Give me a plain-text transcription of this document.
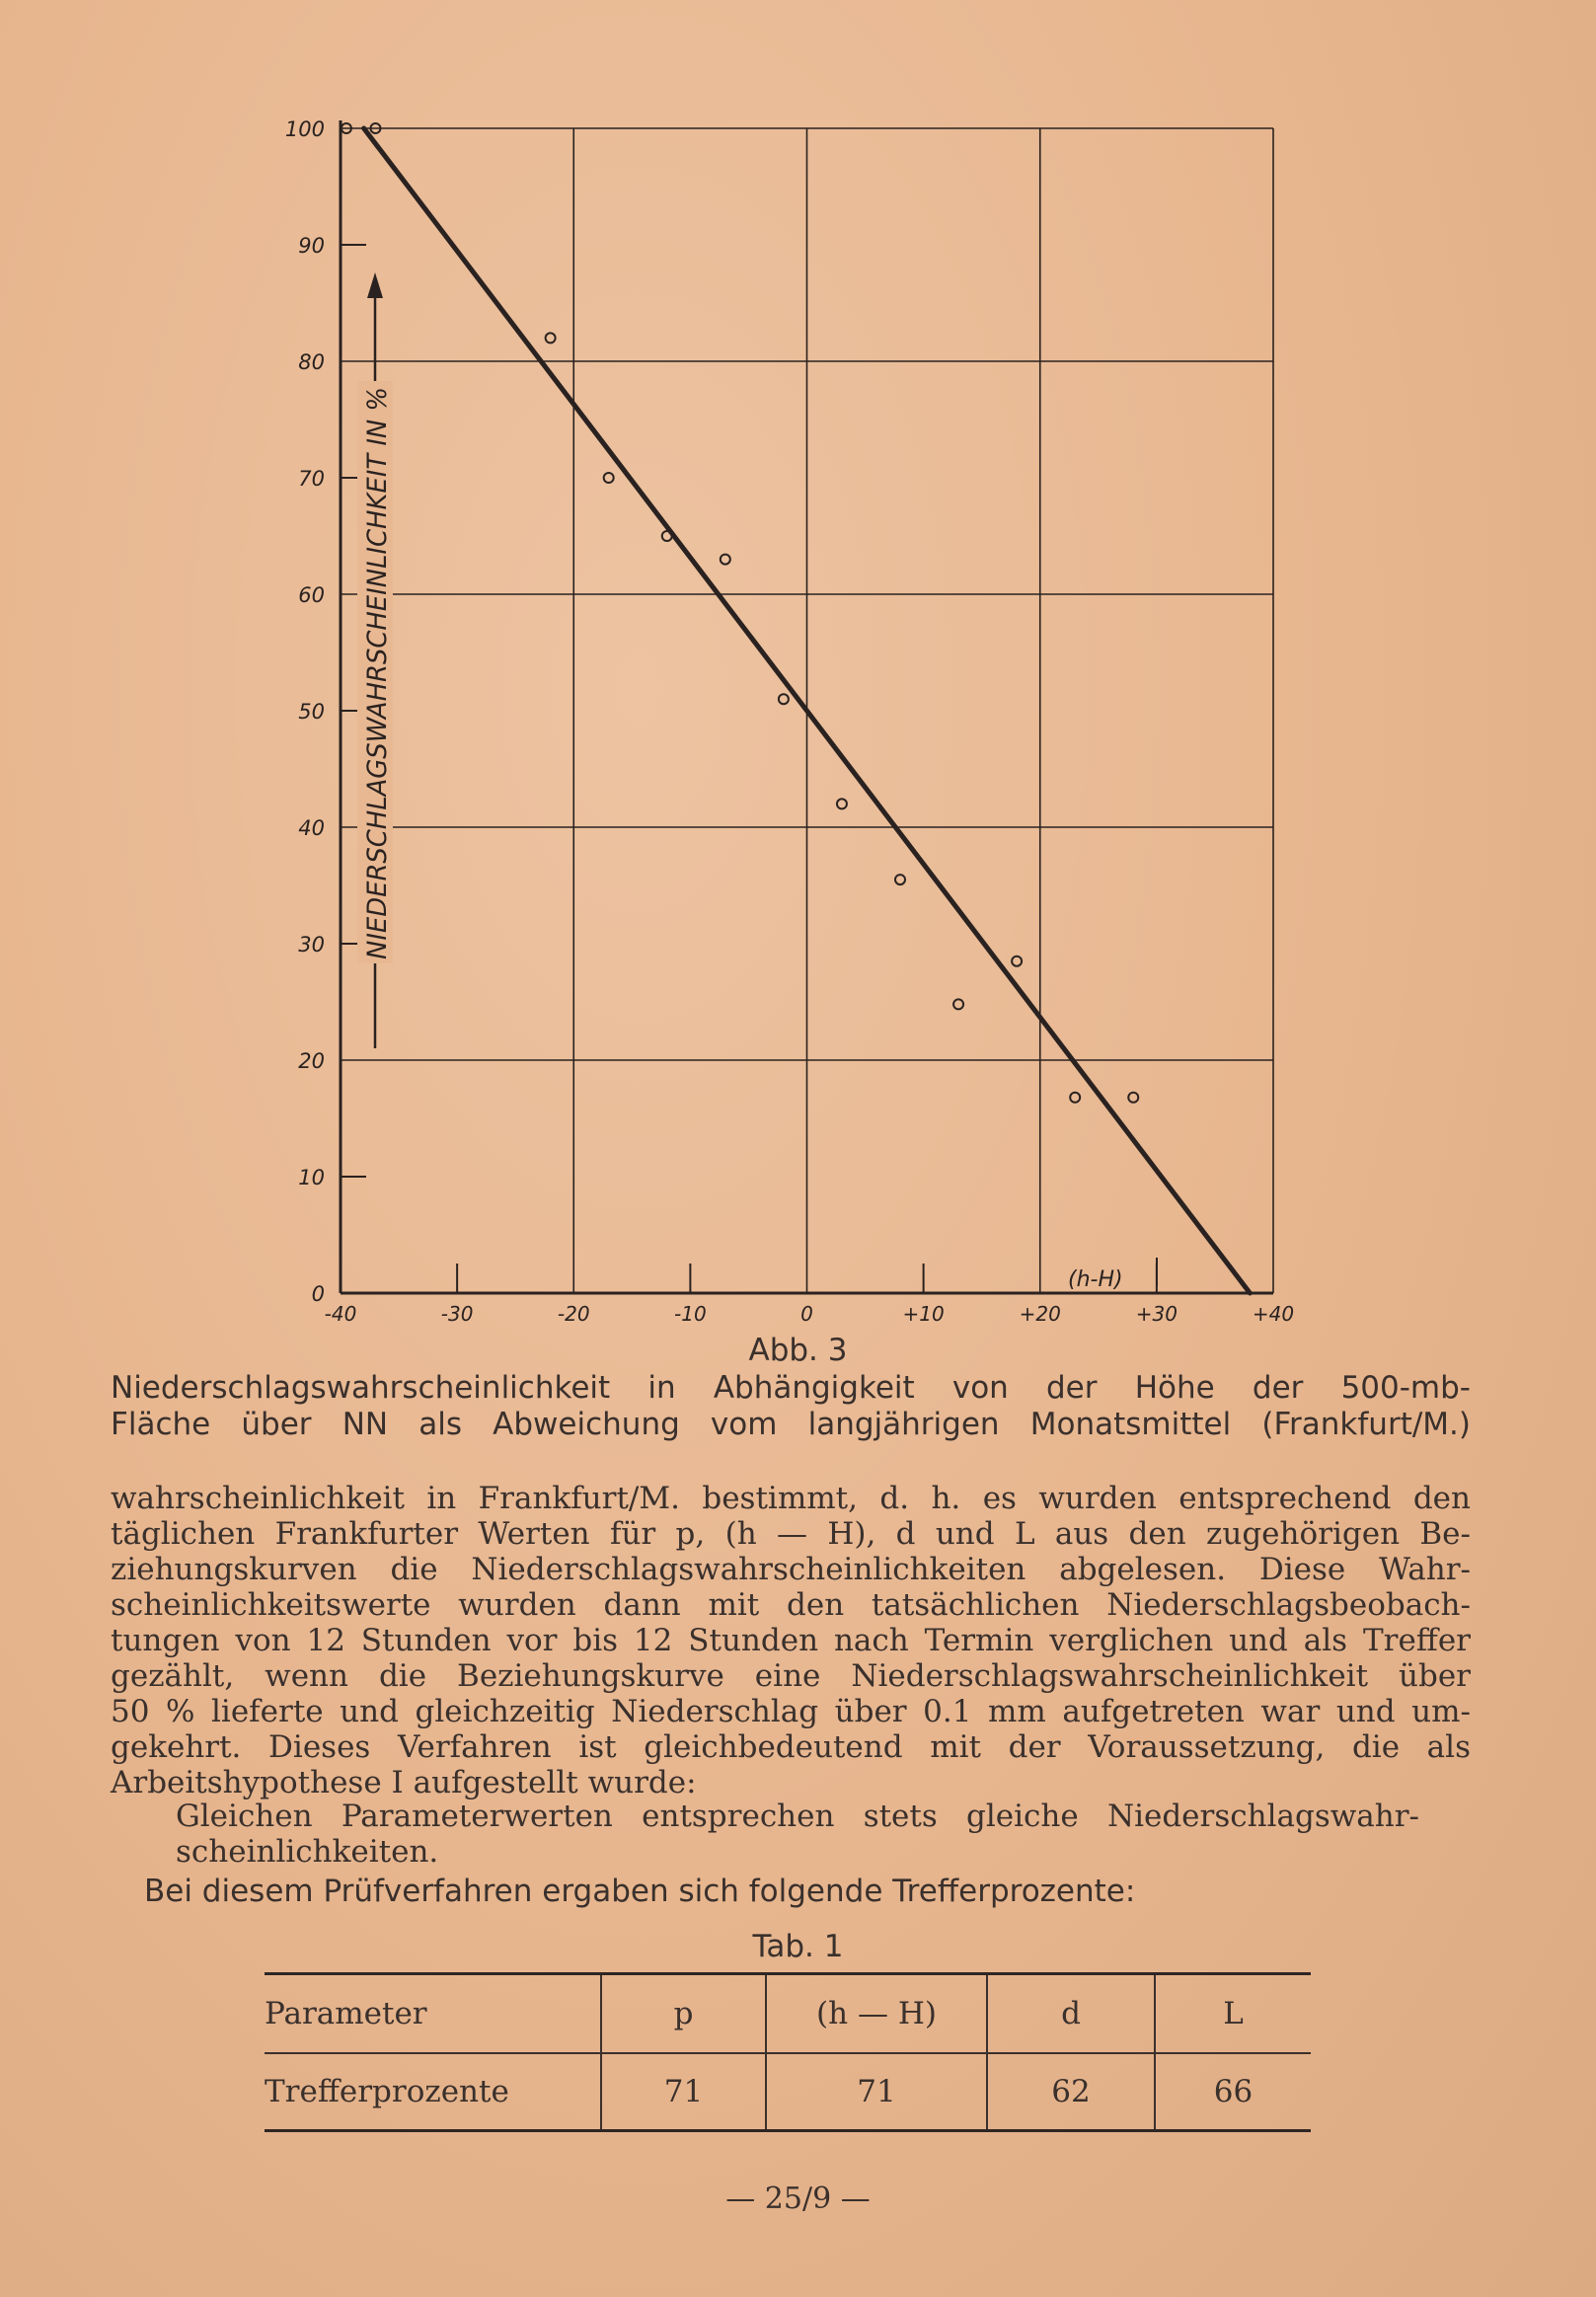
0
10
20
30
40
50
60
70
80
90
100
-40	-30	-20	-10	0	+10	+20	+30	+40
NIEDERSCHLAGSWAHRSCHEINLICHKEIT IN %
(h-H)
Abb. 3
Niederschlagswahrscheinlichkeit in Abhängigkeit von der Höhe der 500-mb-
Fläche über NN als Abweichung vom langjährigen Monatsmittel (Frankfurt/M.)
wahrscheinlichkeit in Frankfurt/M. bestimmt, d. h. es wurden entsprechend den
täglichen Frankfurter Werten für p, (h — H), d und L aus den zugehörigen Be-
ziehungskurven die Niederschlagswahrscheinlichkeiten abgelesen. Diese Wahr-
scheinlichkeitswerte wurden dann mit den tatsächlichen Niederschlagsbeobach-
tungen von 12 Stunden vor bis 12 Stunden nach Termin verglichen und als Treffer
gezählt, wenn die Beziehungskurve eine Niederschlagswahrscheinlichkeit über
50 % lieferte und gleichzeitig Niederschlag über 0.1 mm aufgetreten war und um-
gekehrt. Dieses Verfahren ist gleichbedeutend mit der Voraussetzung, die als
Arbeitshypothese I aufgestellt wurde:
Gleichen Parameterwerten entsprechen stets gleiche Niederschlagswahr-
scheinlichkeiten.
Bei diesem Prüfverfahren ergaben sich folgende Trefferprozente:
Tab. 1
Parameter	p	(h — H)	d	L
Trefferprozente	71	71	62	66
— 25/9 —
